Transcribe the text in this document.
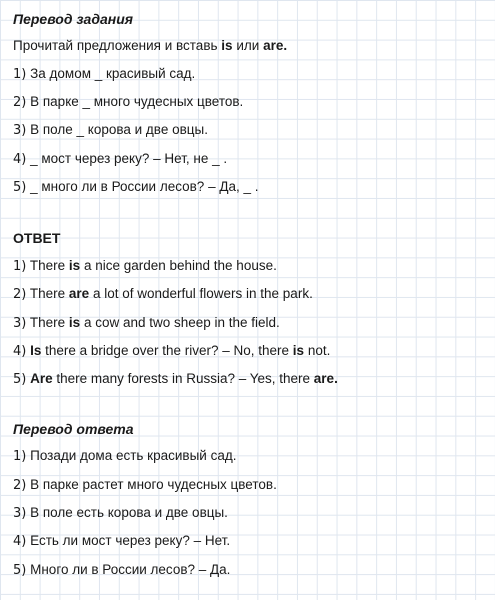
Перевод задания
Прочитай предложения и вставь is или are.
1) За домом _ красивый сад.
2) В парке _ много чудесных цветов.
3) В поле _ корова и две овцы.
4) _ мост через реку? – Нет, не _ .
5) _ много ли в России лесов? – Да, _ .
ОТВЕТ
1) There is a nice garden behind the house.
2) There are a lot of wonderful flowers in the park.
3) There is a cow and two sheep in the field.
4) Is there a bridge over the river? – No, there is not.
5) Are there many forests in Russia? – Yes, there are.
Перевод ответа
1) Позади дома есть красивый сад.
2) В парке растет много чудесных цветов.
3) В поле есть корова и две овцы.
4) Есть ли мост через реку? – Нет.
5) Много ли в России лесов? – Да.
